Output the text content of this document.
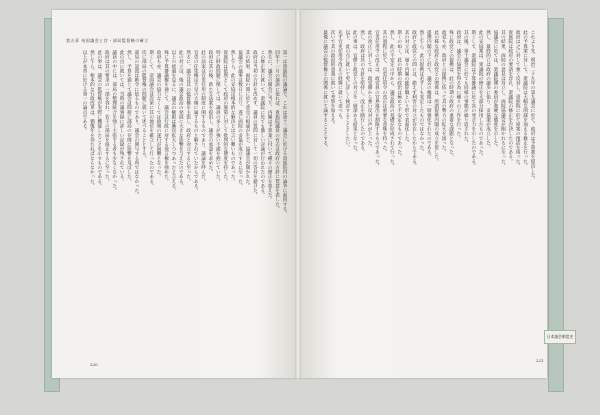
第五章 帝国議会と官・部局監督権の確立
第一は貴族院の議論で、これは第十二議会に於ける貴族院内の論争に起因する。
同年十一月の演説に依れば、貴族院議員の有志は政府の方針に賛意を表した。
然るに、議会の開会に当り、内閣は予算案に付いて種々の修正を加えた。
この修正案に就いて、衆議院に於ても激しい討論が行われたのである。
政府は当初の方針を改めず、議員の質問に対して一切の答弁を避けた。
其の結果、両院の間に於て意見の相違が生じ、協議会が開かれた。
協議会の議事は数日に亘り、遂に両院の妥協が成立するに至った。
然し乍ら、此の妥協は根本的な解決とは言い難いものであった。
貴族院は依然として政府の施策に対して批判的な態度を持した。
特に財政問題に関しては、議員の多くが強い不満を抱いていた。
政府は其の後、新たな法案を提出し、議会の承認を求めた。
此の法案は官吏任用の制度に関するものであり、議論を呼んだ。
官吏の任免権は天皇の大権に属するものと解されていたからである。
然るに、議会は其の監督権を主張し、政府と対立するに至った。
此の対立は、後の議会政治の発展に大きな影響を与えたのである。
以上の経過を見るに、議会の権限は漸次拡大しつつあったと言える。
殊に予算審議権を通じて、議会は行政に対する発言権を強めた。
政府も亦、議会の協力なくしては政策の遂行が困難となった。
斯くして、帝国議会は次第に其の地位を確立して行ったのである。
次に部局の監督権の問題に就いて述べることとする。
部局の設置は勅令に依るものであり、議会の関与する所ではなかった。
然し、予算を通じて議会は間接に部局の存廃に影響を及ぼした。
此の点に就いては、当時の議事録に詳しい記録が残されている。
議員の中には、部局の整理統合を強く主張する者も少なくなかった。
政府は其の要求の一部を容れ、若干の部局を廃止するに至った。
此の事は、議会の監督権が実際に機能したことを示すものである。
然し乍ら、根本的な行政改革は、猶後年を待たねばならなかった。
以上が本章に於ける第一の論点である。	これより先、明治二十九年の第九議会に於て、政府は予算案を提出した。
此の予算案に対して、衆議院は大幅な削減を加える修正を行った。
政府は之に対して強く反対し、貴族院に於て原案の復活を図った。
貴族院は政府の要請を容れ、衆議院の修正を否決したのである。
其の結果、両院の意見は対立し、両院協議会が開かれるに至った。
協議会に於ては、衆議院側の委員が強硬な態度を示した。
然し、最終的には政府の譲歩に依り、妥協案が成立した。
此の妥協案は、衆議院の修正を大部分採用したものであった。
斯くして、衆議院は予算審議に於て其の発言力を示したのである。
其の後、第十議会に於ても同様の事態が繰り返された。
政府は、議会の協賛を得る為に種々の工作を行った。
殊に政党との提携は、此の時期の政府の重要な課題となった。
政党も亦、政府との提携に依って其の勢力の拡大を図った。
此の様な政府と政党との関係は、所謂提携内閣の成立を促した。
提携内閣の下に於て、議会の権限は一層強化されたのである。
然し乍ら、此の提携は必ずしも安定したものではなかった。
政府と政党との間には、絶えず利害の対立が存在したからである。
其の対立は、屡々内閣の総辞職という形で表面化した。
斯くの如く、此の時期の政治は極めて不安定なものであった。
然し、此の不安定の中から、議会政治の基礎が形成されて行った。
其の過程に於て、官吏任用令の改正は重要な意味を持った。
官吏任用令の改正は、政党員の官界進出を制限するものであった。
此の改正に対しては、政党側から強い反対の声が上った。
然し、政府は其の方針を堅持し、改正を断行したのである。
此の事は、官僚と政党との対立を一層深める結果となった。
以下、此の点に就いて更に詳しく検討することとしたい。
先ず官吏任用令改正の経緯に就いて述べる。
次いで其の政治的意義に就いて考察を加える。
最後に議会の監督権との関係に就いて論ずることとする。
220
221
日本議会制度史
